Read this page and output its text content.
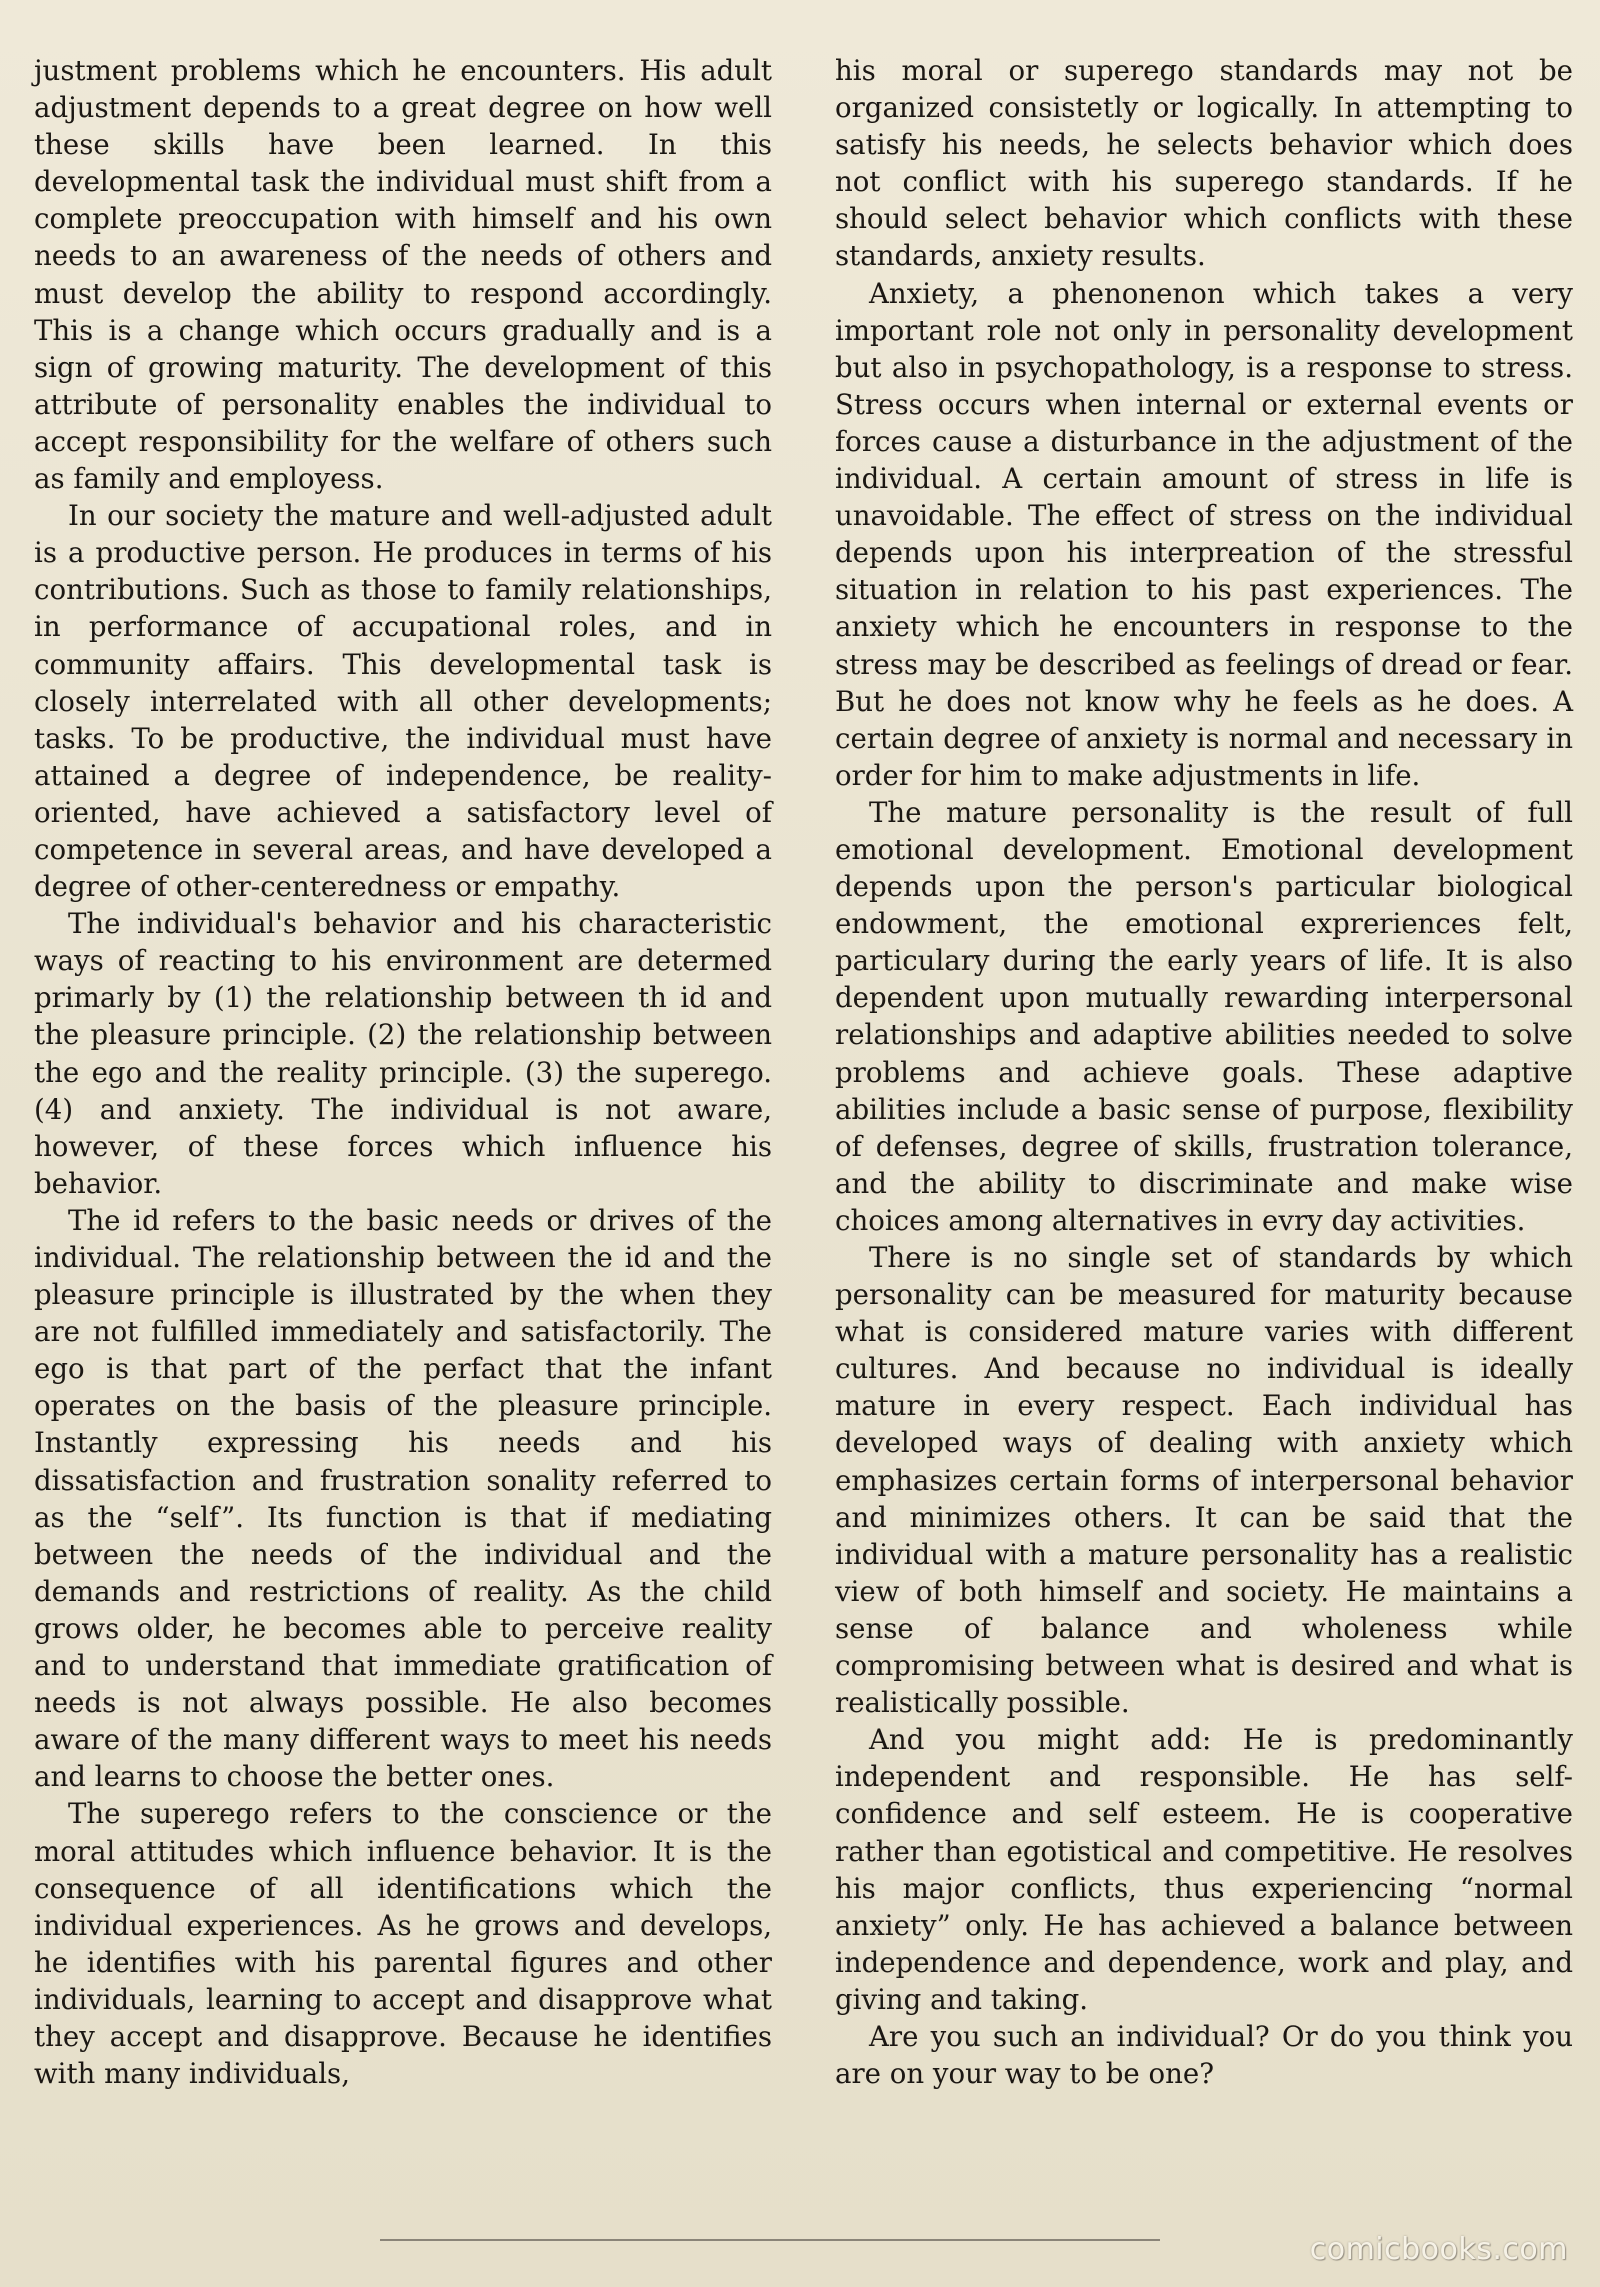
justment problems which he encounters. His adult adjustment depends to a great degree on how well these skills have been learned. In this developmental task the individual must shift from a complete preoccupation with himself and his own needs to an awareness of the needs of others and must develop the ability to respond accordingly. This is a change which occurs gradually and is a sign of growing maturity. The development of this attribute of personality enables the individual to accept responsibility for the welfare of others such as family and employess.

In our society the mature and well-adjusted adult is a productive person. He produces in terms of his contributions. Such as those to family relationships, in performance of accupational roles, and in community affairs. This developmental task is closely interrelated with all other developments; tasks. To be productive, the individual must have attained a degree of independence, be reality-oriented, have achieved a satisfactory level of competence in several areas, and have developed a degree of other-centeredness or empathy.

The individual's behavior and his characteristic ways of reacting to his environment are determed primarly by (1) the relationship between th id and the pleasure principle. (2) the relationship between the ego and the reality principle. (3) the superego. (4) and anxiety. The individual is not aware, however, of these forces which influence his behavior.

The id refers to the basic needs or drives of the individual. The relationship between the id and the pleasure principle is illustrated by the when they are not fulfilled immediately and satisfactorily. The ego is that part of the perfact that the infant operates on the basis of the pleasure principle. Instantly expressing his needs and his dissatisfaction and frustration sonality referred to as the “self”. Its function is that if mediating between the needs of the individual and the demands and restrictions of reality. As the child grows older, he becomes able to perceive reality and to understand that immediate gratification of needs is not always possible. He also becomes aware of the many different ways to meet his needs and learns to choose the better ones.

The superego refers to the conscience or the moral attitudes which influence behavior. It is the consequence of all identifications which the individual experiences. As he grows and develops, he identifies with his parental figures and other individuals, learning to accept and disapprove what they accept and disapprove. Because he identifies with many individuals,

his moral or superego standards may not be organized consistetly or logically. In attempting to satisfy his needs, he selects behavior which does not conflict with his superego standards. If he should select behavior which conflicts with these standards, anxiety results.

Anxiety, a phenonenon which takes a very important role not only in personality development but also in psychopathology, is a response to stress. Stress occurs when internal or external events or forces cause a disturbance in the adjustment of the individual. A certain amount of stress in life is unavoidable. The effect of stress on the individual depends upon his interpreation of the stressful situation in relation to his past experiences. The anxiety which he encounters in response to the stress may be described as feelings of dread or fear. But he does not know why he feels as he does. A certain degree of anxiety is normal and necessary in order for him to make adjustments in life.

The mature personality is the result of full emotional development. Emotional development depends upon the person's particular biological endowment, the emotional expreriences felt, particulary during the early years of life. It is also dependent upon mutually rewarding interpersonal relationships and adaptive abilities needed to solve problems and achieve goals. These adaptive abilities include a basic sense of purpose, flexibility of defenses, degree of skills, frustration tolerance, and the ability to discriminate and make wise choices among alternatives in evry day activities.

There is no single set of standards by which personality can be measured for maturity because what is considered mature varies with different cultures. And because no individual is ideally mature in every respect. Each individual has developed ways of dealing with anxiety which emphasizes certain forms of interpersonal behavior and minimizes others. It can be said that the individual with a mature personality has a realistic view of both himself and society. He maintains a sense of balance and wholeness while compromising between what is desired and what is realistically possible.

And you might add: He is predominantly independent and responsible. He has self-confidence and self esteem. He is cooperative rather than egotistical and competitive. He resolves his major conflicts, thus experiencing “normal anxiety” only. He has achieved a balance between independence and dependence, work and play, and giving and taking.

Are you such an individual? Or do you think you are on your way to be one?

comicbooks.com
